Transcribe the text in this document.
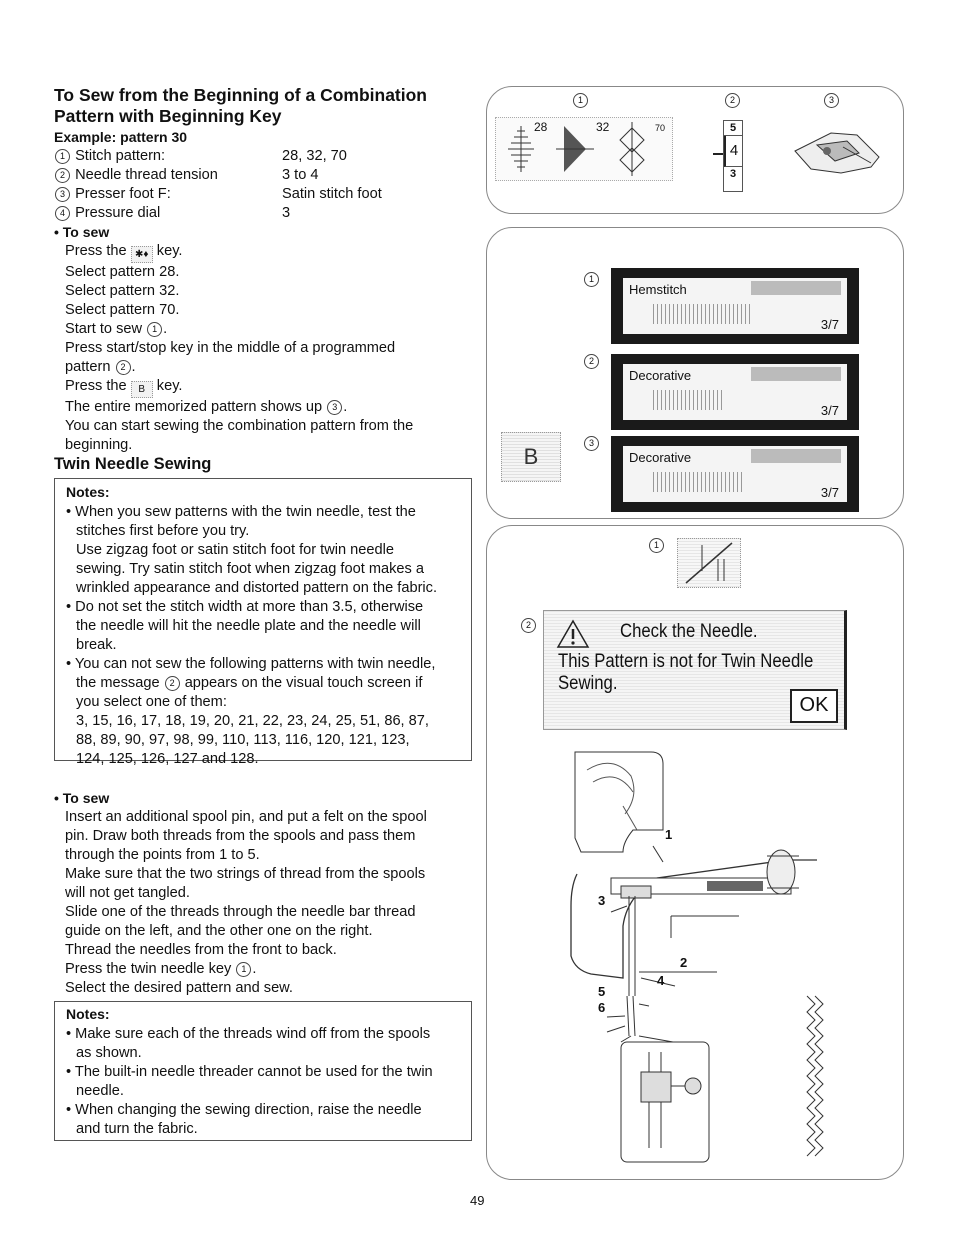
To Sew from the Beginning of a Combination
Pattern with Beginning Key
Example: pattern 30
1 Stitch pattern:	28, 32, 70
2 Needle thread tension	3 to 4
3 Presser foot F:	Satin stitch foot
4 Pressure dial	3
• To sew
Press the ✱♦ key.
Select pattern 28.
Select pattern 32.
Select pattern 70.
Start to sew 1 .
Press start/stop key in the middle of a programmed
pattern 2 .
Press the B key.
The entire memorized pattern shows up 3 .
You can start sewing the combination pattern from the
beginning.
Twin Needle Sewing
Notes:
• When you sew patterns with the twin needle, test the
stitches first before you try.
Use zigzag foot or satin stitch foot for twin needle
sewing. Try satin stitch foot when zigzag foot makes a
wrinkled appearance and distorted pattern on the fabric.
• Do not set the stitch width at more than 3.5, otherwise
the needle will hit the needle plate and the needle will
break.
• You can not sew the following patterns with twin needle,
the message 2 appears on the visual touch screen if
you select one of them:
3, 15, 16, 17, 18, 19, 20, 21, 22, 23, 24, 25, 51, 86, 87,
88, 89, 90, 97, 98, 99, 110, 113, 116, 120, 121, 123,
124, 125, 126, 127 and 128.
• To sew
Insert an additional spool pin, and put a felt on the spool
pin. Draw both threads from the spools and pass them
through the points from 1 to 5.
Make sure that the two strings of thread from the spools
will not get tangled.
Slide one of the threads through the needle bar thread
guide on the left, and the other one on the right.
Thread the needles from the front to back.
Press the twin needle key 1 .
Select the desired pattern and sew.
Notes:
• Make sure each of the threads wind off from the spools
as shown.
• The built-in needle threader cannot be used for the twin
needle.
• When changing the sewing direction, raise the needle
and turn the fabric.
1	2	3
28	32	70	5
4
3
1
2
3
B
Hemstitch
3/7
Decorative
3/7
Decorative
3/7
1
2	Check the Needle.
This Pattern is not for Twin Needle
Sewing.
OK
1
2
3
4
5
6
49
